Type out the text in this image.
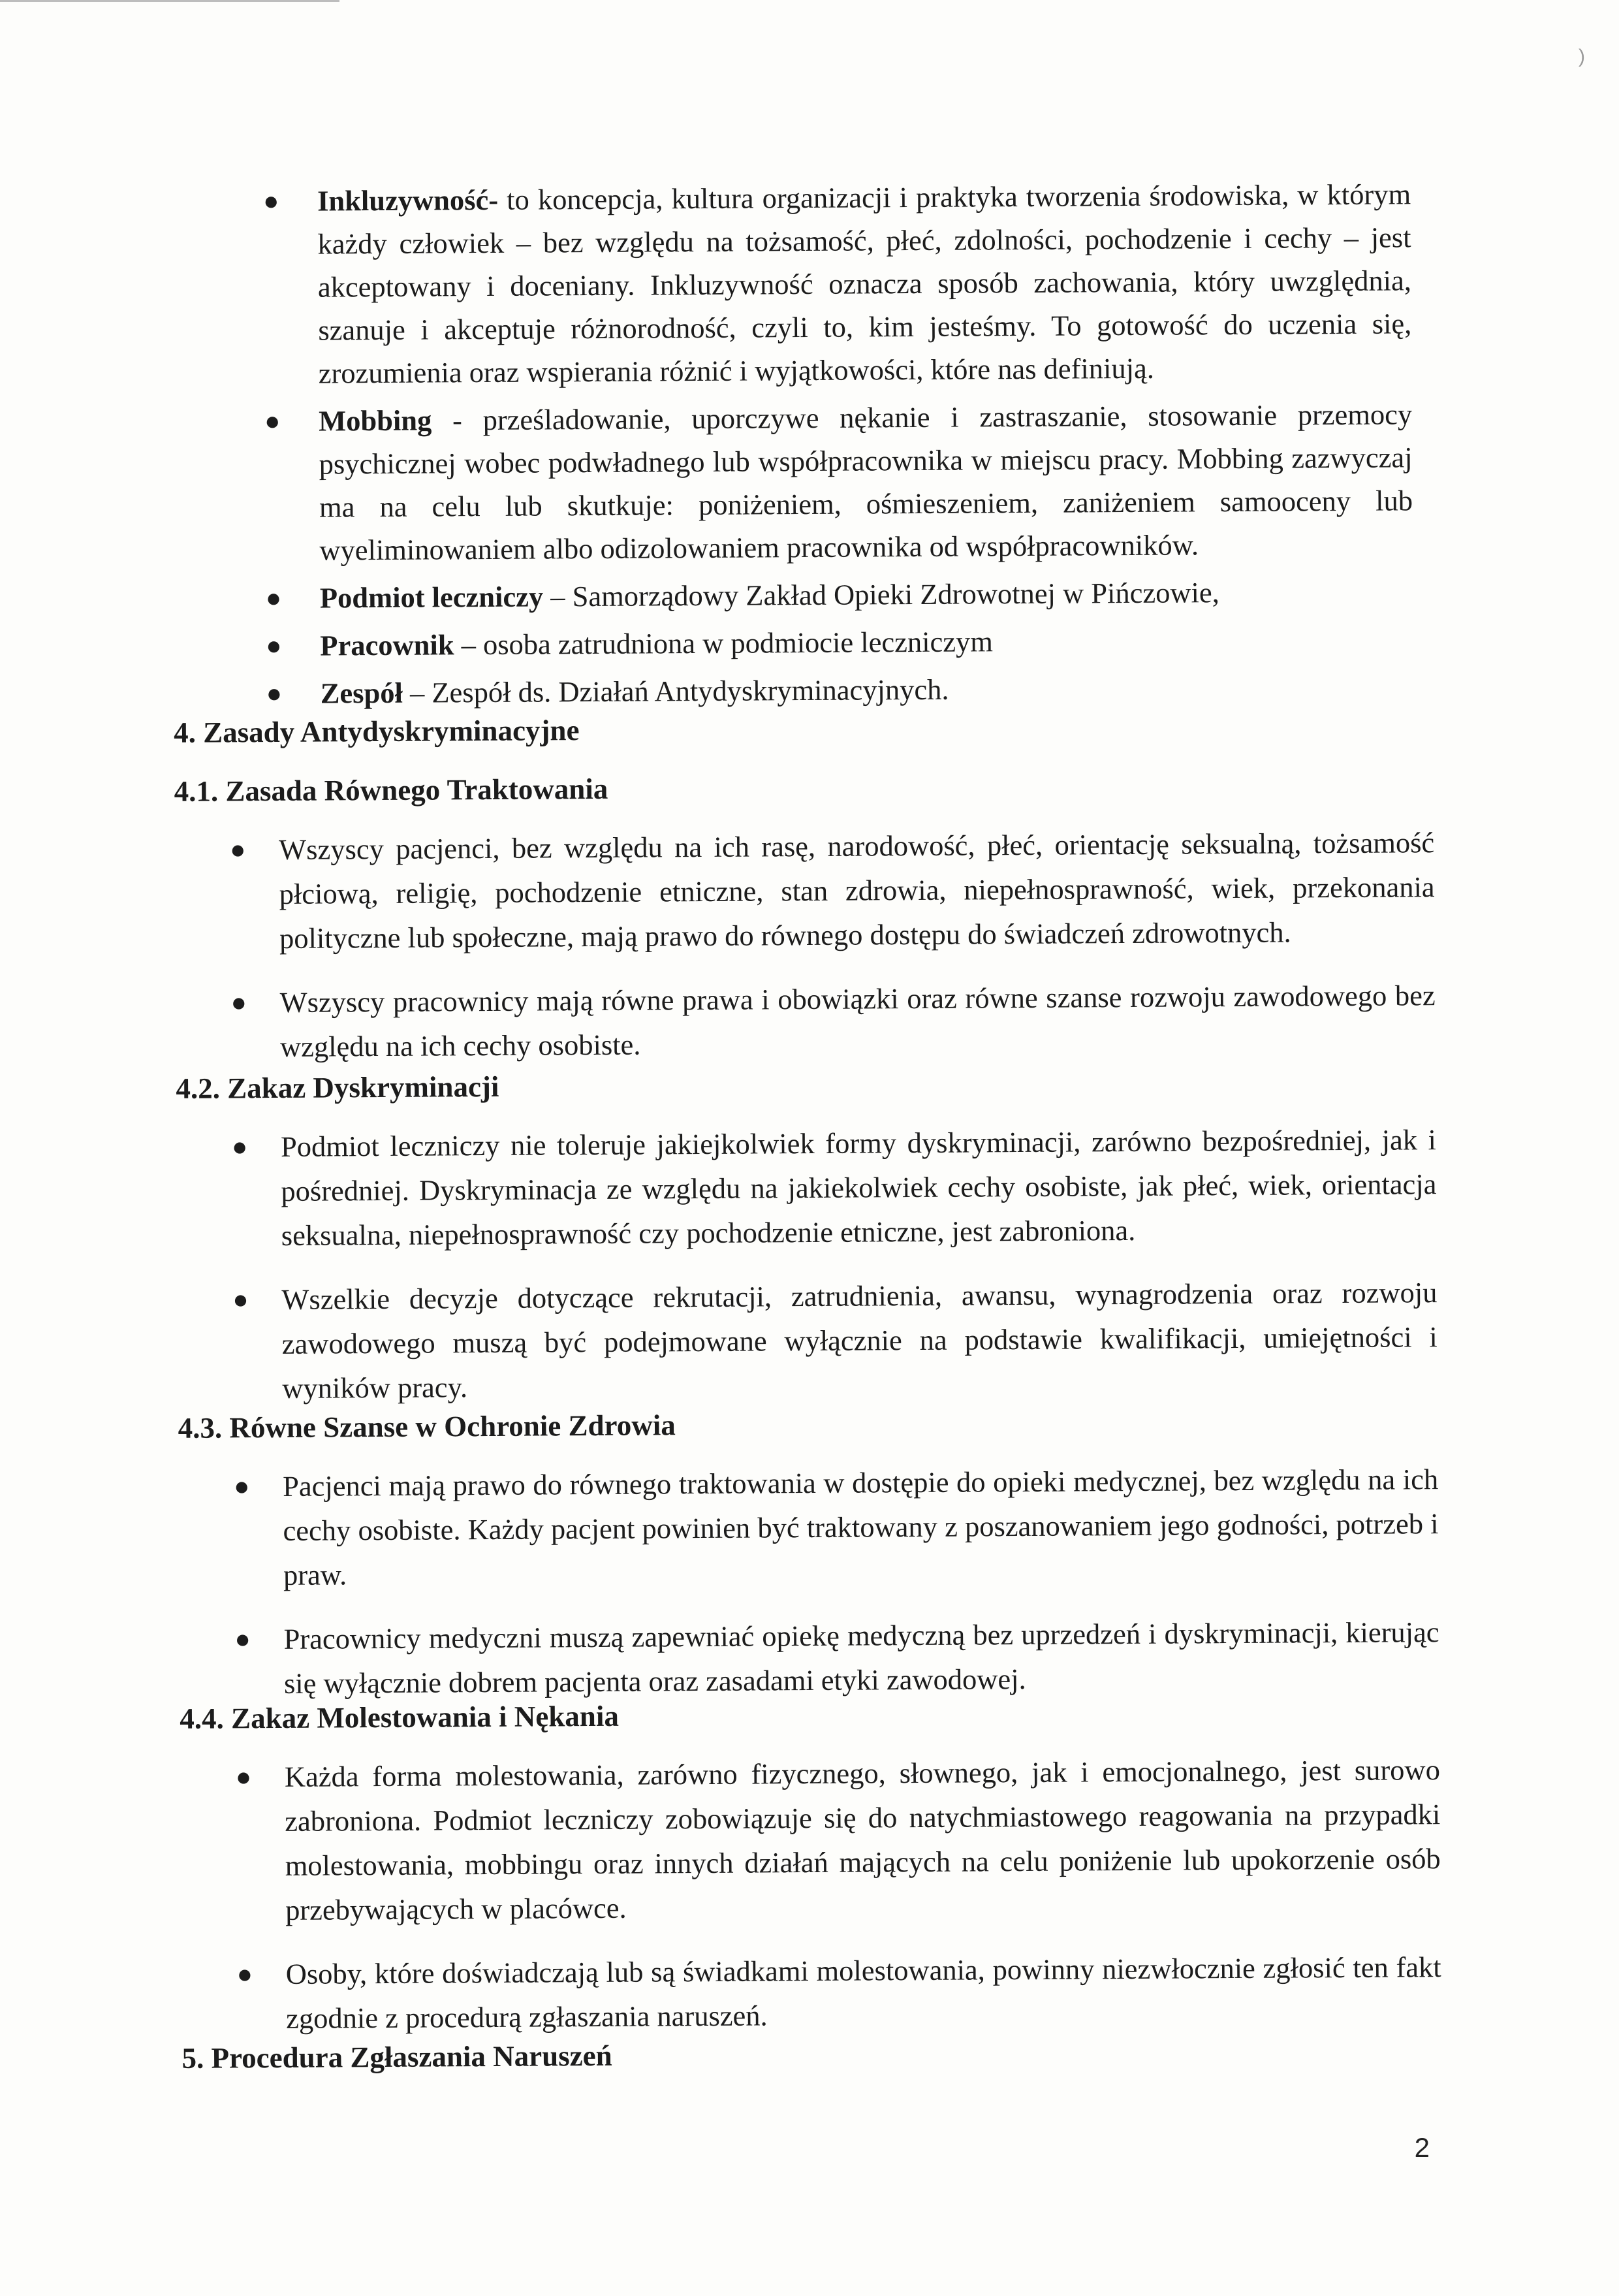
)
● Inkluzywność- to koncepcja, kultura organizacji i praktyka tworzenia środowiska, w którym każdy człowiek – bez względu na tożsamość, płeć, zdolności, pochodzenie i cechy – jest akceptowany i doceniany. Inkluzywność oznacza sposób zachowania, który uwzględnia, szanuje i akceptuje różnorodność, czyli to, kim jesteśmy. To gotowość do uczenia się, zrozumienia oraz wspierania różnić i wyjątkowości, które nas definiują.
● Mobbing - prześladowanie, uporczywe nękanie i zastraszanie, stosowanie przemocy psychicznej wobec podwładnego lub współpracownika w miejscu pracy. Mobbing zazwyczaj ma na celu lub skutkuje: poniżeniem, ośmieszeniem, zaniżeniem samooceny lub wyeliminowaniem albo odizolowaniem pracownika od współpracowników.
● Podmiot leczniczy – Samorządowy Zakład Opieki Zdrowotnej w Pińczowie,
● Pracownik – osoba zatrudniona w podmiocie leczniczym
● Zespół – Zespół ds. Działań Antydyskryminacyjnych.
4. Zasady Antydyskryminacyjne
4.1. Zasada Równego Traktowania
● Wszyscy pacjenci, bez względu na ich rasę, narodowość, płeć, orientację seksualną, tożsamość płciową, religię, pochodzenie etniczne, stan zdrowia, niepełnosprawność, wiek, przekonania polityczne lub społeczne, mają prawo do równego dostępu do świadczeń zdrowotnych.
● Wszyscy pracownicy mają równe prawa i obowiązki oraz równe szanse rozwoju zawodowego bez względu na ich cechy osobiste.
4.2. Zakaz Dyskryminacji
● Podmiot leczniczy nie toleruje jakiejkolwiek formy dyskryminacji, zarówno bezpośredniej, jak i pośredniej. Dyskryminacja ze względu na jakiekolwiek cechy osobiste, jak płeć, wiek, orientacja seksualna, niepełnosprawność czy pochodzenie etniczne, jest zabroniona.
● Wszelkie decyzje dotyczące rekrutacji, zatrudnienia, awansu, wynagrodzenia oraz rozwoju zawodowego muszą być podejmowane wyłącznie na podstawie kwalifikacji, umiejętności i wyników pracy.
4.3. Równe Szanse w Ochronie Zdrowia
● Pacjenci mają prawo do równego traktowania w dostępie do opieki medycznej, bez względu na ich cechy osobiste. Każdy pacjent powinien być traktowany z poszanowaniem jego godności, potrzeb i praw.
● Pracownicy medyczni muszą zapewniać opiekę medyczną bez uprzedzeń i dyskryminacji, kierując się wyłącznie dobrem pacjenta oraz zasadami etyki zawodowej.
4.4. Zakaz Molestowania i Nękania
● Każda forma molestowania, zarówno fizycznego, słownego, jak i emocjonalnego, jest surowo zabroniona. Podmiot leczniczy zobowiązuje się do natychmiastowego reagowania na przypadki molestowania, mobbingu oraz innych działań mających na celu poniżenie lub upokorzenie osób przebywających w placówce.
● Osoby, które doświadczają lub są świadkami molestowania, powinny niezwłocznie zgłosić ten fakt zgodnie z procedurą zgłaszania naruszeń.
5. Procedura Zgłaszania Naruszeń
2
